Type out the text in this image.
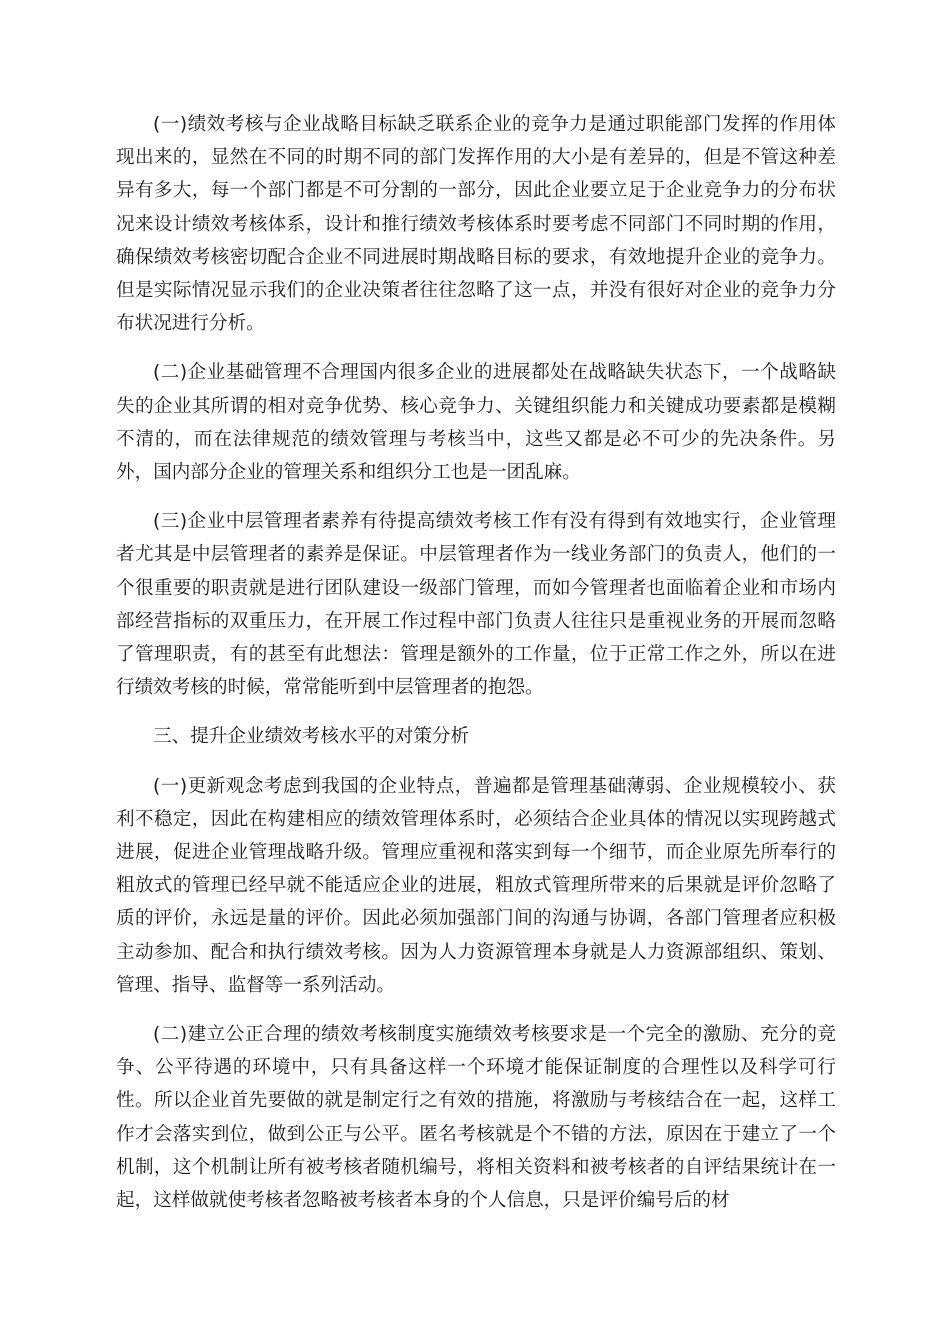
(一)绩效考核与企业战略目标缺乏联系企业的竞争力是通过职能部门发挥的作用体现出来的，显然在不同的时期不同的部门发挥作用的大小是有差异的，但是不管这种差异有多大，每一个部门都是不可分割的一部分，因此企业要立足于企业竞争力的分布状况来设计绩效考核体系，设计和推行绩效考核体系时要考虑不同部门不同时期的作用，确保绩效考核密切配合企业不同进展时期战略目标的要求，有效地提升企业的竞争力。但是实际情况显示我们的企业决策者往往忽略了这一点，并没有很好对企业的竞争力分布状况进行分析。

(二)企业基础管理不合理国内很多企业的进展都处在战略缺失状态下，一个战略缺失的企业其所谓的相对竞争优势、核心竞争力、关键组织能力和关键成功要素都是模糊不清的，而在法律规范的绩效管理与考核当中，这些又都是必不可少的先决条件。另外，国内部分企业的管理关系和组织分工也是一团乱麻。

(三)企业中层管理者素养有待提高绩效考核工作有没有得到有效地实行，企业管理者尤其是中层管理者的素养是保证。中层管理者作为一线业务部门的负责人，他们的一个很重要的职责就是进行团队建设一级部门管理，而如今管理者也面临着企业和市场内部经营指标的双重压力，在开展工作过程中部门负责人往往只是重视业务的开展而忽略了管理职责，有的甚至有此想法：管理是额外的工作量，位于正常工作之外，所以在进行绩效考核的时候，常常能听到中层管理者的抱怨。

三、提升企业绩效考核水平的对策分析

(一)更新观念考虑到我国的企业特点，普遍都是管理基础薄弱、企业规模较小、获利不稳定，因此在构建相应的绩效管理体系时，必须结合企业具体的情况以实现跨越式进展，促进企业管理战略升级。管理应重视和落实到每一个细节，而企业原先所奉行的粗放式的管理已经早就不能适应企业的进展，粗放式管理所带来的后果就是评价忽略了质的评价，永远是量的评价。因此必须加强部门间的沟通与协调，各部门管理者应积极主动参加、配合和执行绩效考核。因为人力资源管理本身就是人力资源部组织、策划、管理、指导、监督等一系列活动。

(二)建立公正合理的绩效考核制度实施绩效考核要求是一个完全的激励、充分的竞争、公平待遇的环境中，只有具备这样一个环境才能保证制度的合理性以及科学可行性。所以企业首先要做的就是制定行之有效的措施，将激励与考核结合在一起，这样工作才会落实到位，做到公正与公平。匿名考核就是个不错的方法，原因在于建立了一个机制，这个机制让所有被考核者随机编号，将相关资料和被考核者的自评结果统计在一起，这样做就使考核者忽略被考核者本身的个人信息，只是评价编号后的材
